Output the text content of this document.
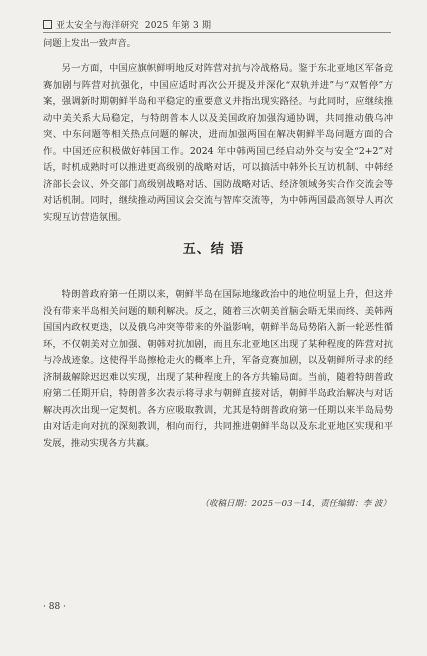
亚太安全与海洋研究 2025 年第 3 期

问题上发出一致声音。

另一方面，中国应旗帜鲜明地反对阵营对抗与冷战格局。鉴于东北亚地区军备竞赛加剧与阵营对抗强化，中国应适时再次公开提及并深化“双轨并进”与“双暂停”方案，强调新时期朝鲜半岛和平稳定的重要意义并指出现实路径。与此同时，应继续推动中美关系大局稳定，与特朗普本人以及美国政府加强沟通协调，共同推动俄乌冲突、中东问题等相关热点问题的解决，进而加强两国在解决朝鲜半岛问题方面的合作。中国还应积极做好韩国工作。2024 年中韩两国已经启动外交与安全“2+2”对话，时机成熟时可以推进更高级别的战略对话，可以搞活中韩外长互访机制、中韩经济部长会议、外交部门高级别战略对话、国防战略对话、经济领域务实合作交流会等对话机制。同时，继续推动两国议会交流与智库交流等，为中韩两国最高领导人再次实现互访营造氛围。

五、结 语

特朗普政府第一任期以来，朝鲜半岛在国际地缘政治中的地位明显上升，但这并没有带来半岛相关问题的顺利解决。反之，随着三次朝美首脑会晤无果而终、美韩两国国内政权更迭，以及俄乌冲突等带来的外溢影响，朝鲜半岛局势陷入新一轮恶性循环，不仅朝美对立加强、朝韩对抗加剧，而且东北亚地区出现了某种程度的阵营对抗与冷战迹象。这使得半岛擦枪走火的概率上升，军备竞赛加剧，以及朝鲜所寻求的经济制裁解除迟迟难以实现，出现了某种程度上的各方共输局面。当前，随着特朗普政府第二任期开启，特朗普多次表示将寻求与朝鲜直接对话，朝鲜半岛政治解决与对话解决再次出现一定契机。各方应吸取教训，尤其是特朗普政府第一任期以来半岛局势由对话走向对抗的深刻教训，相向而行，共同推进朝鲜半岛以及东北亚地区实现和平发展，推动实现各方共赢。

（收稿日期：2025－03－14，责任编辑：李 波）
· 88 ·
